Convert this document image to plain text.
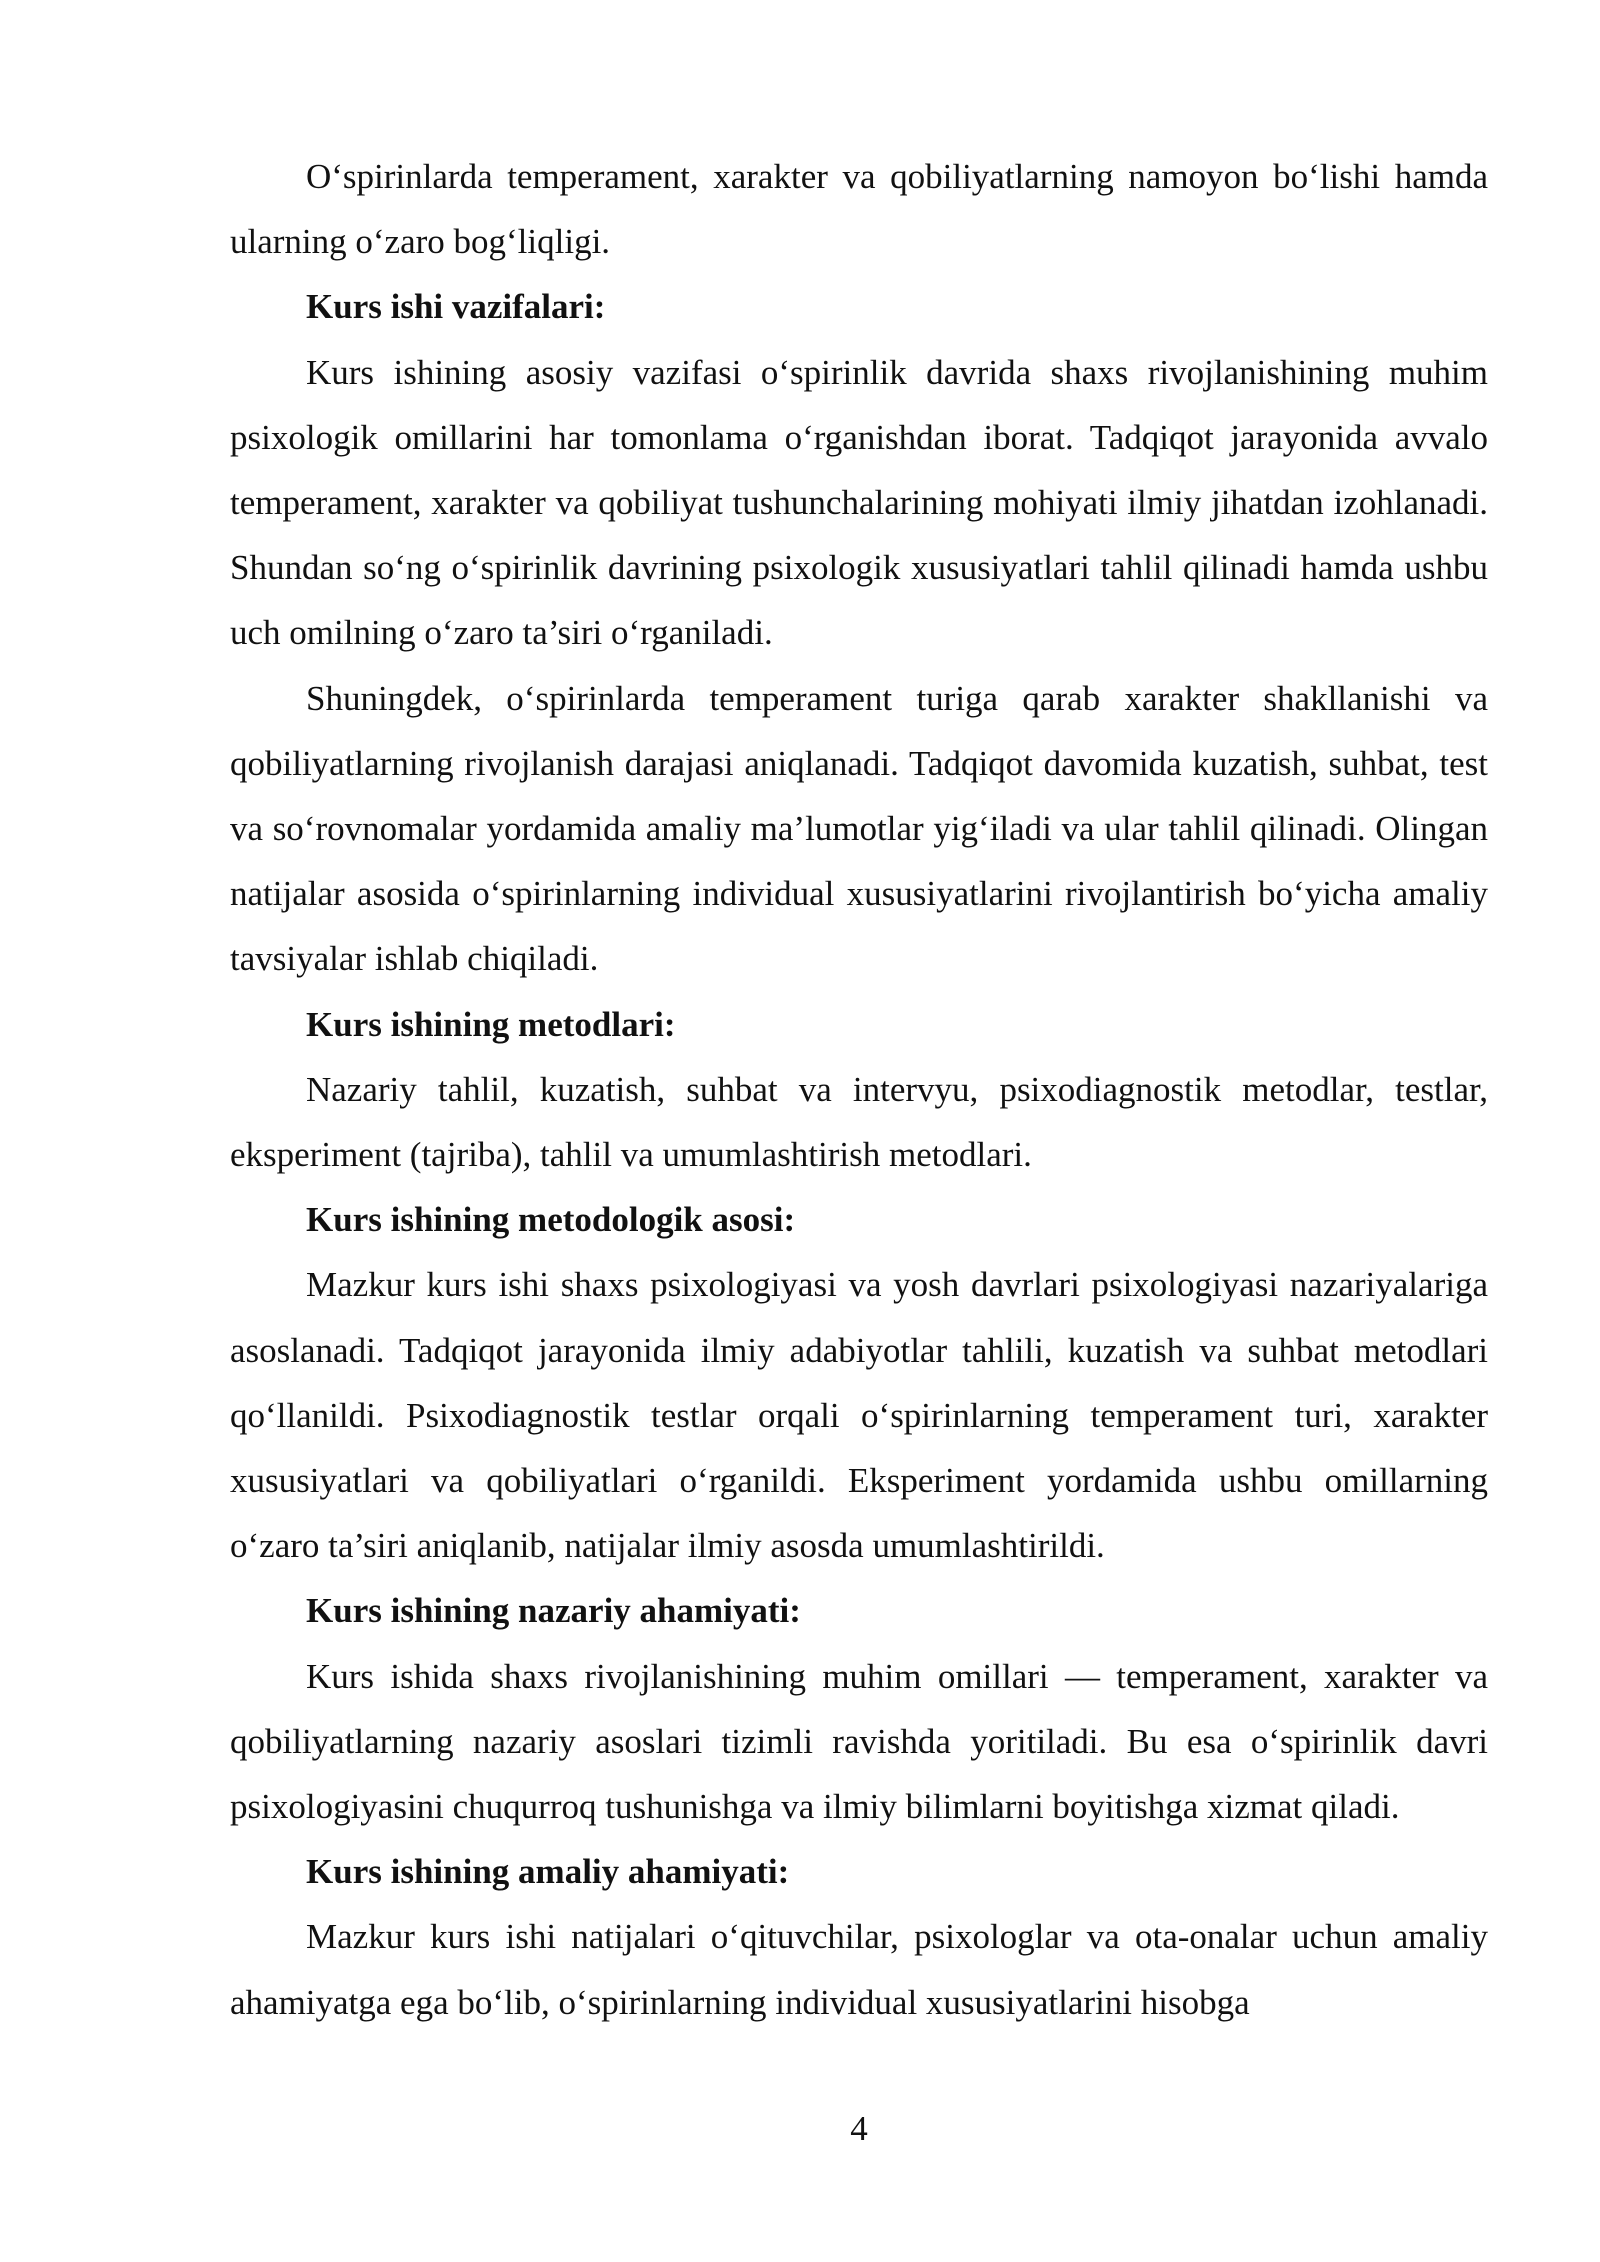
O‘spirinlarda temperament, xarakter va qobiliyatlarning namoyon bo‘lishi hamda ularning o‘zaro bog‘liqligi.

Kurs ishi vazifalari:

Kurs ishining asosiy vazifasi o‘spirinlik davrida shaxs rivojlanishining muhim psixologik omillarini har tomonlama o‘rganishdan iborat. Tadqiqot jarayonida avvalo temperament, xarakter va qobiliyat tushunchalarining mohiyati ilmiy jihatdan izohlanadi. Shundan so‘ng o‘spirinlik davrining psixologik xususiyatlari tahlil qilinadi hamda ushbu uch omilning o‘zaro ta’siri o‘rganiladi.

Shuningdek, o‘spirinlarda temperament turiga qarab xarakter shakllanishi va qobiliyatlarning rivojlanish darajasi aniqlanadi. Tadqiqot davomida kuzatish, suhbat, test va so‘rovnomalar yordamida amaliy ma’lumotlar yig‘iladi va ular tahlil qilinadi. Olingan natijalar asosida o‘spirinlarning individual xususiyatlarini rivojlantirish bo‘yicha amaliy tavsiyalar ishlab chiqiladi.

Kurs ishining metodlari:

Nazariy tahlil, kuzatish, suhbat va intervyu, psixodiagnostik metodlar, testlar, eksperiment (tajriba), tahlil va umumlashtirish metodlari.

Kurs ishining metodologik asosi:

Mazkur kurs ishi shaxs psixologiyasi va yosh davrlari psixologiyasi nazariyalariga asoslanadi. Tadqiqot jarayonida ilmiy adabiyotlar tahlili, kuzatish va suhbat metodlari qo‘llanildi. Psixodiagnostik testlar orqali o‘spirinlarning temperament turi, xarakter xususiyatlari va qobiliyatlari o‘rganildi. Eksperiment yordamida ushbu omillarning o‘zaro ta’siri aniqlanib, natijalar ilmiy asosda umumlashtirildi.

Kurs ishining nazariy ahamiyati:

Kurs ishida shaxs rivojlanishining muhim omillari — temperament, xarakter va qobiliyatlarning nazariy asoslari tizimli ravishda yoritiladi. Bu esa o‘spirinlik davri psixologiyasini chuqurroq tushunishga va ilmiy bilimlarni boyitishga xizmat qiladi.

Kurs ishining amaliy ahamiyati:

Mazkur kurs ishi natijalari o‘qituvchilar, psixologlar va ota-onalar uchun amaliy ahamiyatga ega bo‘lib, o‘spirinlarning individual xususiyatlarini hisobga

4
